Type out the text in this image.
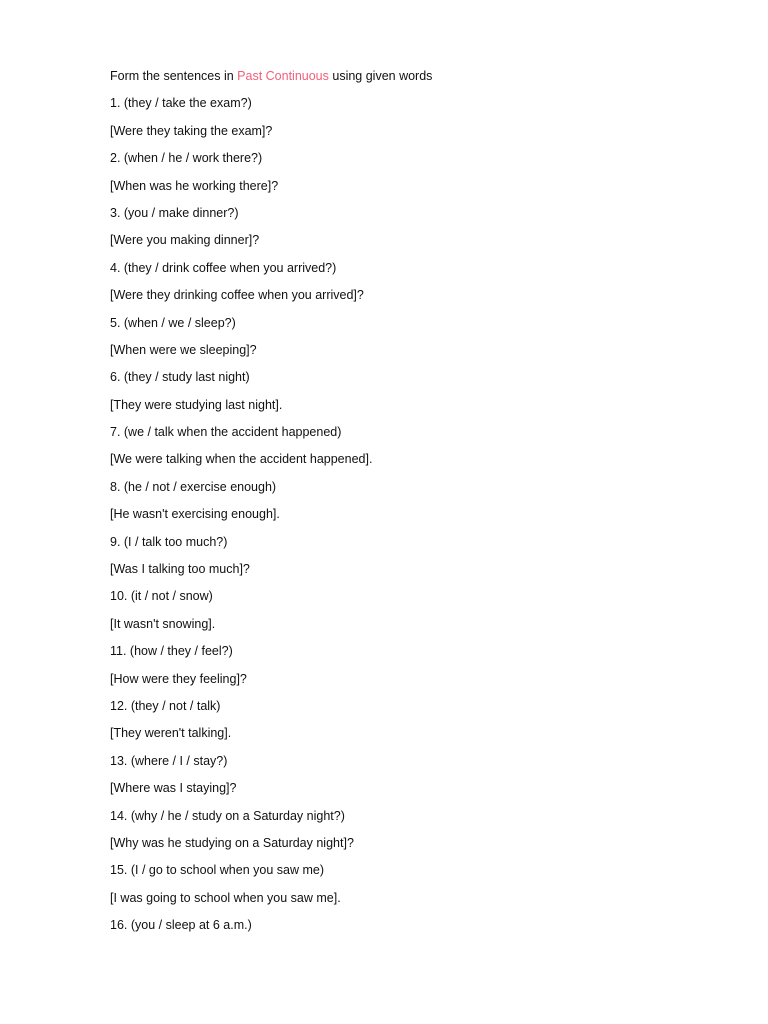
Form the sentences in Past Continuous using given words
1. (they / take the exam?)
[Were they taking the exam]?
2. (when / he / work there?)
[When was he working there]?
3. (you / make dinner?)
[Were you making dinner]?
4. (they / drink coffee when you arrived?)
[Were they drinking coffee when you arrived]?
5. (when / we / sleep?)
[When were we sleeping]?
6. (they / study last night)
[They were studying last night].
7. (we / talk when the accident happened)
[We were talking when the accident happened].
8. (he / not / exercise enough)
[He wasn't exercising enough].
9. (I / talk too much?)
[Was I talking too much]?
10. (it / not / snow)
[It wasn't snowing].
11. (how / they / feel?)
[How were they feeling]?
12. (they / not / talk)
[They weren't talking].
13. (where / I / stay?)
[Where was I staying]?
14. (why / he / study on a Saturday night?)
[Why was he studying on a Saturday night]?
15. (I / go to school when you saw me)
[I was going to school when you saw me].
16. (you / sleep at 6 a.m.)
